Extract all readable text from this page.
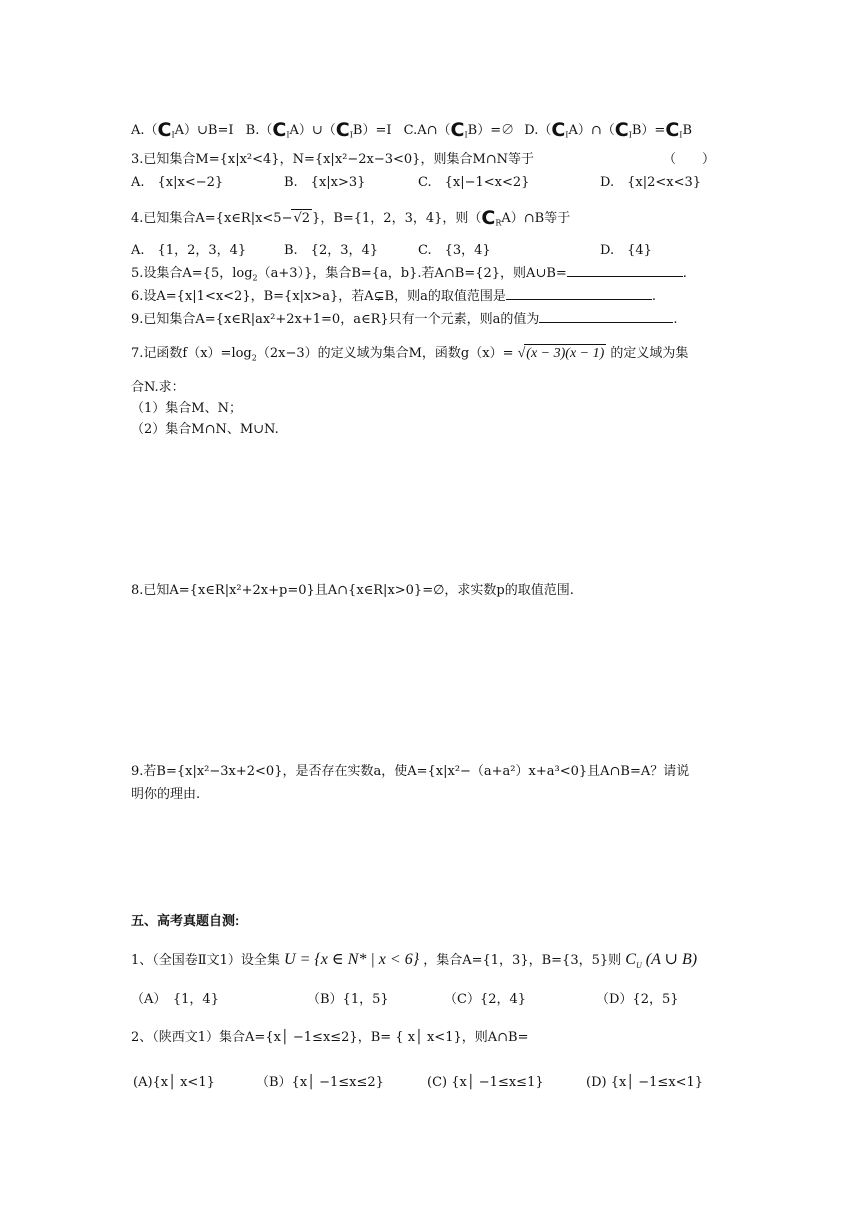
$A.(C_IA)\cup B=I$ $B.(C_IA)\cup(C_IB)=I$ $C.A\cap(C_IB)=\emptyset$ $D.(C_IA)\cap(C_IB)=C_IB$
3.已知集合M={x|x²<4}，N={x|x²−2x−3<0}，则集合M∩N等于	（　　）
A.　{x|x<−2}	B.　{x|x>3}	C.　{x|−1<x<2}	D.　{x|2<x<3}
4.已知集合A={x∈R|x<5−√2 }，B={1，2，3，4}，则$(C_RA)\cap B$等于
A.　{1，2，3，4}	B.　{2，3，4}	C.　{3，4}	D.　{4}
5.设集合A={5，$\log_2(a+3)$}，集合B={a，b}.若A∩B={2}，则A∪B=	.
6.设A={x|1<x<2}，B={x|x>a}，若A⊊B，则a的取值范围是	.
9.已知集合A={x∈R|ax²+2x+1=0，a∈R}只有一个元素，则a的值为	.
7.记函数$f(x)=\log_2(2x-3)$的定义域为集合M，函数g（x）= √(x − 3)(x − 1) 的定义域为集
合N.求：
（1）集合M、N；
（2）集合M∩N、M∪N.
8.已知A={x∈R|x²+2x+p=0}且A∩{x∈R|x>0}=∅，求实数p的取值范围.
9.若B={x|x²−3x+2<0}，是否存在实数a，使A={x|x²−（a+a²）x+a³<0}且A∩B=A？请说
明你的理由.
五、高考真题自测:
1、（全国卷Ⅱ文1）设全集 U = {x ∈ N* | x < 6} ，集合A={1，3}，B={3，5}则 $C_U$ (A ∪ B)
（A）　{1，4}	（B）{1，5}	（C）{2，4}	（D）{2，5}
2、（陕西文1）集合A={x│ −1≤x≤2}，B= { x│ x<1}，则A∩B=
(A){x│ x<1}	（B）{x│ −1≤x≤2}	(C) {x│ −1≤x≤1}	(D) {x│ −1≤x<1}
